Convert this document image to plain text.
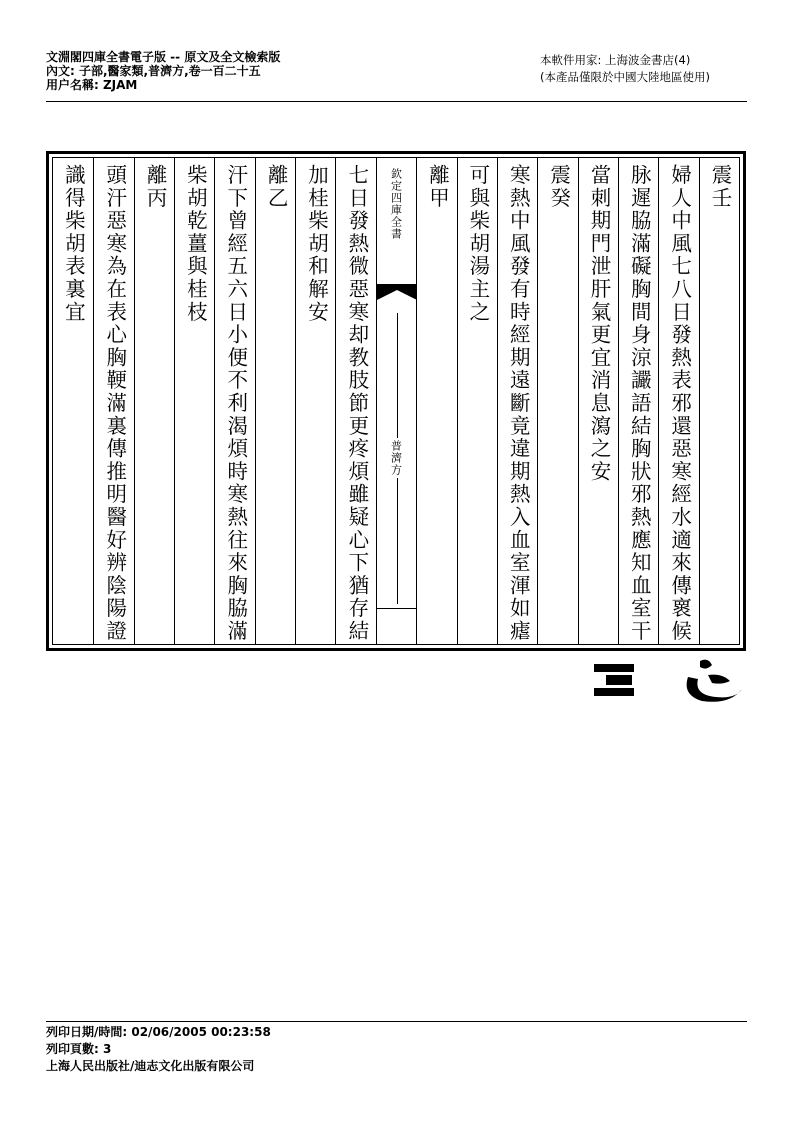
文淵閣四庫全書電子版 -- 原文及全文檢索版
內文: 子部,醫家類,普濟方,卷一百二十五
用户名稱: ZJAM
本軟件用家: 上海波金書店(4)
(本產品僅限於中國大陸地區使用)
震壬
婦人中風七八日發熱表邪還惡寒經水適來傳褱候
脉遲脇滿礙胸間身涼讝語結胸狀邪熱應知血室干
當刺期門泄肝氣更宜消息瀉之安
震癸
寒熱中風發有時經期遠斷竟違期熱入血室渾如瘧
可與柴胡湯主之
離甲
欽定四庫全書
普濟方
七日發熱微惡寒却教肢節更疼煩雖疑心下猶存結
加桂柴胡和解安
離乙
汗下曾經五六日小便不利渴煩時寒熱往來胸脇滿
柴胡乾薑與桂枝
離丙
頭汗惡寒為在表心胸鞕滿裏傳推明醫好辨陰陽證
識得柴胡表裏宜
列印日期/時間: 02/06/2005 00:23:58
列印頁數: 3
上海人民出版社/迪志文化出版有限公司
